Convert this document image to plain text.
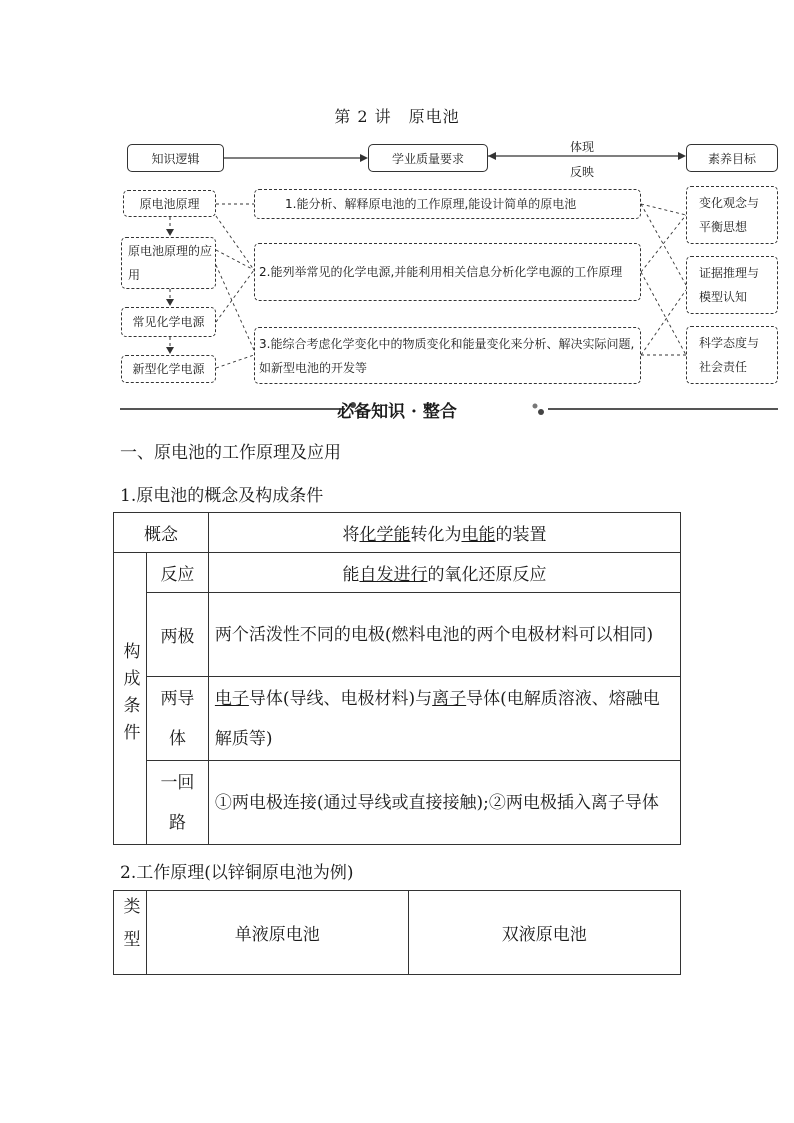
第 2 讲　原电池
知识逻辑	学业质量要求	素养目标
体现
反映
原电池原理
原电池原理的应用
常见化学电源
新型化学电源
1.能分析、解释原电池的工作原理,能设计简单的原电池
2.能列举常见的化学电源,并能利用相关信息分析化学电源的工作原理
3.能综合考虑化学变化中的物质变化和能量变化来分析、解决实际问题,如新型电池的开发等
变化观念与平衡思想
证据推理与模型认知
科学态度与社会责任
必备知识 · 整合
一、原电池的工作原理及应用
1.原电池的概念及构成条件
概念		将化学能转化为电能的装置
构成条件	反应	能自发进行的氧化还原反应
	两极	两个活泼性不同的电极(燃料电池的两个电极材料可以相同)
	两导体	电子导体(导线、电极材料)与离子导体(电解质溶液、熔融电解质等)
	一回路	①两电极连接(通过导线或直接接触);②两电极插入离子导体
2.工作原理(以锌铜原电池为例)
类型	单液原电池	双液原电池
